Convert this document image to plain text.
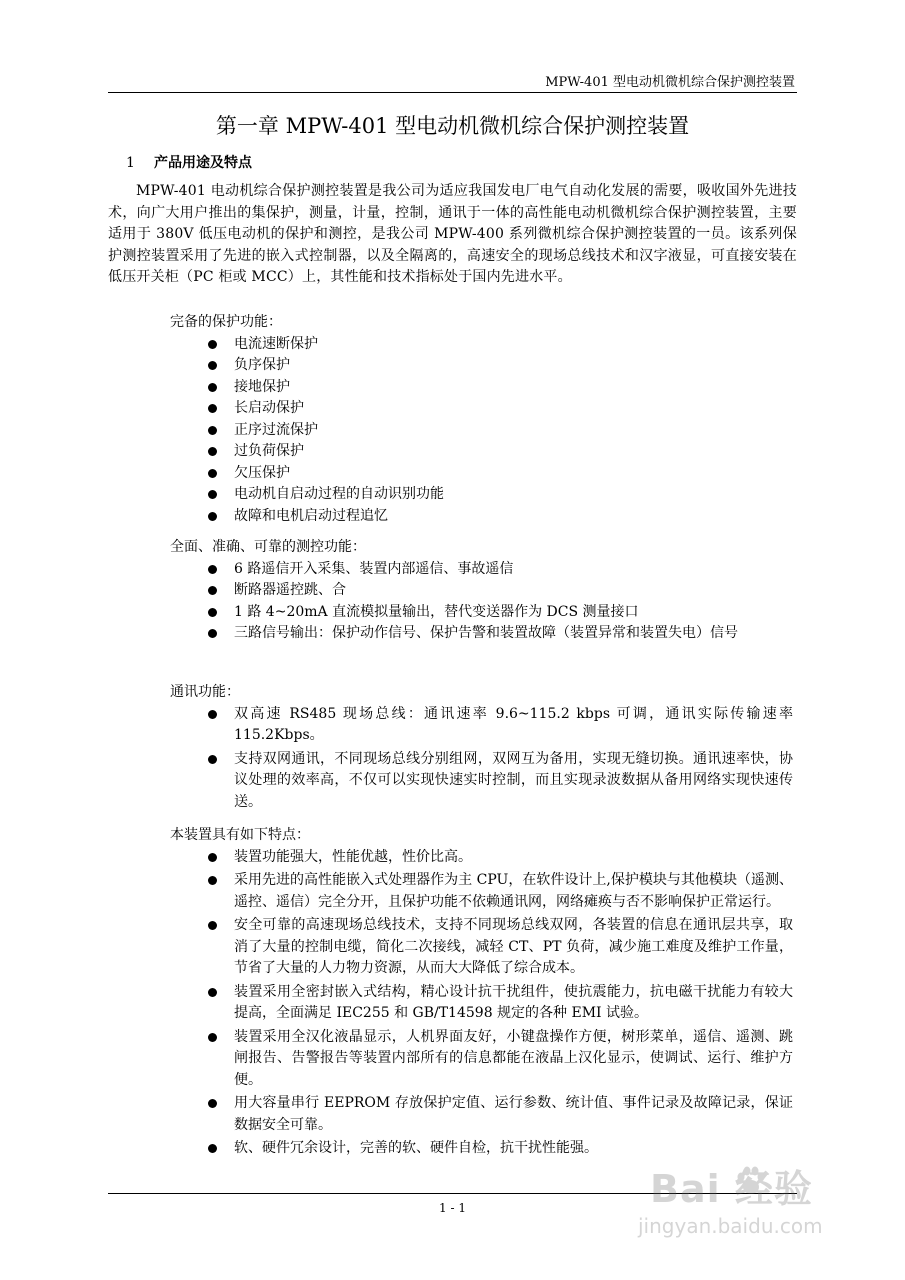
MPW-401 型电动机微机综合保护测控装置
第一章 MPW-401 型电动机微机综合保护测控装置
1 产品用途及特点

MPW-401 电动机综合保护测控装置是我公司为适应我国发电厂电气自动化发展的需要，吸收国外先进技术，向广大用户推出的集保护，测量，计量，控制，通讯于一体的高性能电动机微机综合保护测控装置，主要适用于 380V 低压电动机的保护和测控，是我公司 MPW-400 系列微机综合保护测控装置的一员。该系列保护测控装置采用了先进的嵌入式控制器，以及全隔离的，高速安全的现场总线技术和汉字液显，可直接安装在低压开关柜（PC 柜或 MCC）上，其性能和技术指标处于国内先进水平。

完备的保护功能：

电流速断保护
负序保护
接地保护
长启动保护
正序过流保护
过负荷保护
欠压保护
电动机自启动过程的自动识别功能
故障和电机启动过程追忆

全面、准确、可靠的测控功能：

6 路遥信开入采集、装置内部遥信、事故遥信
断路器遥控跳、合
1 路 4~20mA 直流模拟量输出，替代变送器作为 DCS 测量接口
三路信号输出：保护动作信号、保护告警和装置故障（装置异常和装置失电）信号

通讯功能：

双高速 RS485 现场总线：通讯速率 9.6~115.2 kbps 可调，通讯实际传输速率 115.2Kbps。
支持双网通讯，不同现场总线分别组网，双网互为备用，实现无缝切换。通讯速率快，协议处理的效率高，不仅可以实现快速实时控制，而且实现录波数据从备用网络实现快速传送。

本装置具有如下特点：

装置功能强大，性能优越，性价比高。
采用先进的高性能嵌入式处理器作为主 CPU，在软件设计上,保护模块与其他模块（遥测、遥控、遥信）完全分开，且保护功能不依赖通讯网，网络瘫痪与否不影响保护正常运行。
安全可靠的高速现场总线技术，支持不同现场总线双网，各装置的信息在通讯层共享，取消了大量的控制电缆，简化二次接线，减轻 CT、PT 负荷，减少施工难度及维护工作量，节省了大量的人力物力资源，从而大大降低了综合成本。
装置采用全密封嵌入式结构，精心设计抗干扰组件，使抗震能力，抗电磁干扰能力有较大提高，全面满足 IEC255 和 GB/T14598 规定的各种 EMI 试验。
装置采用全汉化液晶显示，人机界面友好，小键盘操作方便，树形菜单，遥信、遥测、跳闸报告、告警报告等装置内部所有的信息都能在液晶上汉化显示，使调试、运行、维护方便。
用大容量串行 EEPROM 存放保护定值、运行参数、统计值、事件记录及故障记录，保证数据安全可靠。
软、硬件冗余设计，完善的软、硬件自检，抗干扰性能强。
1 - 1	Bai 经验
jingyan.baidu.com
